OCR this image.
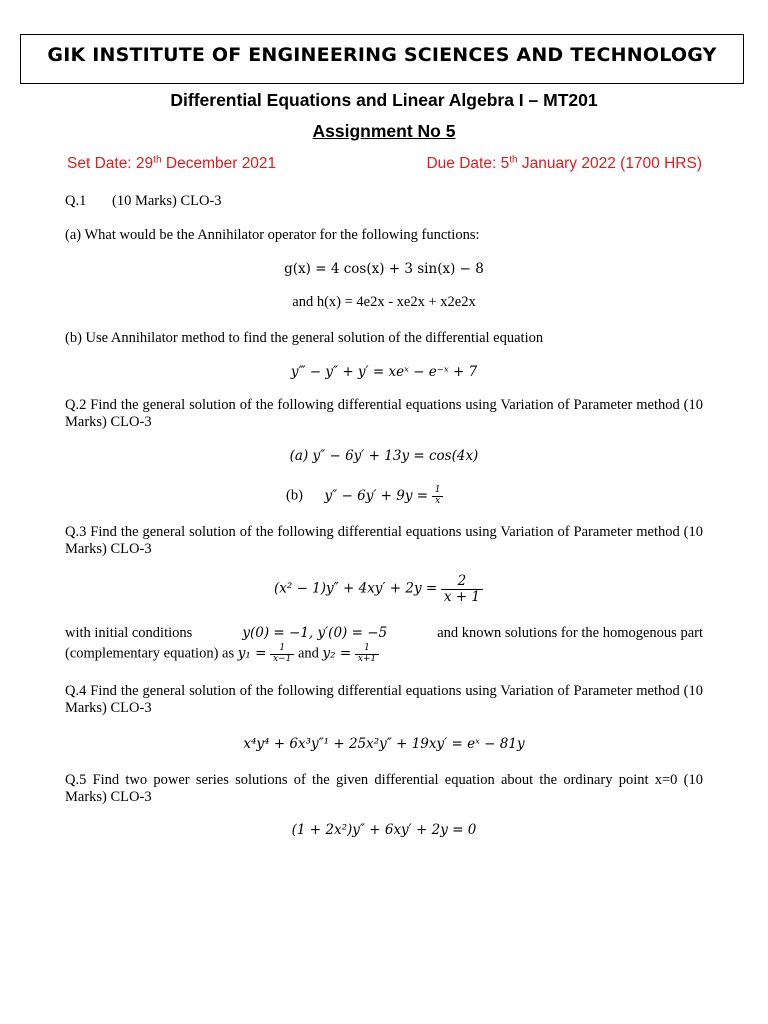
GIK INSTITUTE OF ENGINEERING SCIENCES AND TECHNOLOGY
Differential Equations and Linear Algebra I – MT201
Assignment No 5
Set Date: 29th December 2021	Due Date: 5th January 2022 (1700 HRS)
Q.1 (10 Marks) CLO-3
(a) What would be the Annihilator operator for the following functions:
g(x) = 4 cos(x) + 3 sin(x) − 8
and h(x) = 4e2x - xe2x + x2e2x
(b) Use Annihilator method to find the general solution of the differential equation
y‴ − y″ + y′ = xeˣ − e⁻ˣ + 7
Q.2 Find the general solution of the following differential equations using Variation of Parameter method (10 Marks) CLO-3
(a) y″ − 6y′ + 13y = cos(4x)
(b) $y'' - 6y' + 9y = \frac{1}{x}$
Q.3 Find the general solution of the following differential equations using Variation of Parameter method (10 Marks) CLO-3
$(x^2 - 1)y'' + 4xy' + 2y = \frac{2}{x + 1}$
with initial conditions	y(0) = −1, y′(0) = −5	and known solutions for the homogenous part
(complementary equation) as $y_1 = \frac{1}{x-1}$ and $y_2 = \frac{1}{x+1}$
Q.4 Find the general solution of the following differential equations using Variation of Parameter method (10 Marks) CLO-3
x⁴y⁴ + 6x³y″¹ + 25x²y″ + 19xy′ = eˣ − 81y
Q.5 Find two power series solutions of the given differential equation about the ordinary point x=0 (10 Marks) CLO-3
(1 + 2x²)y″ + 6xy′ + 2y = 0
